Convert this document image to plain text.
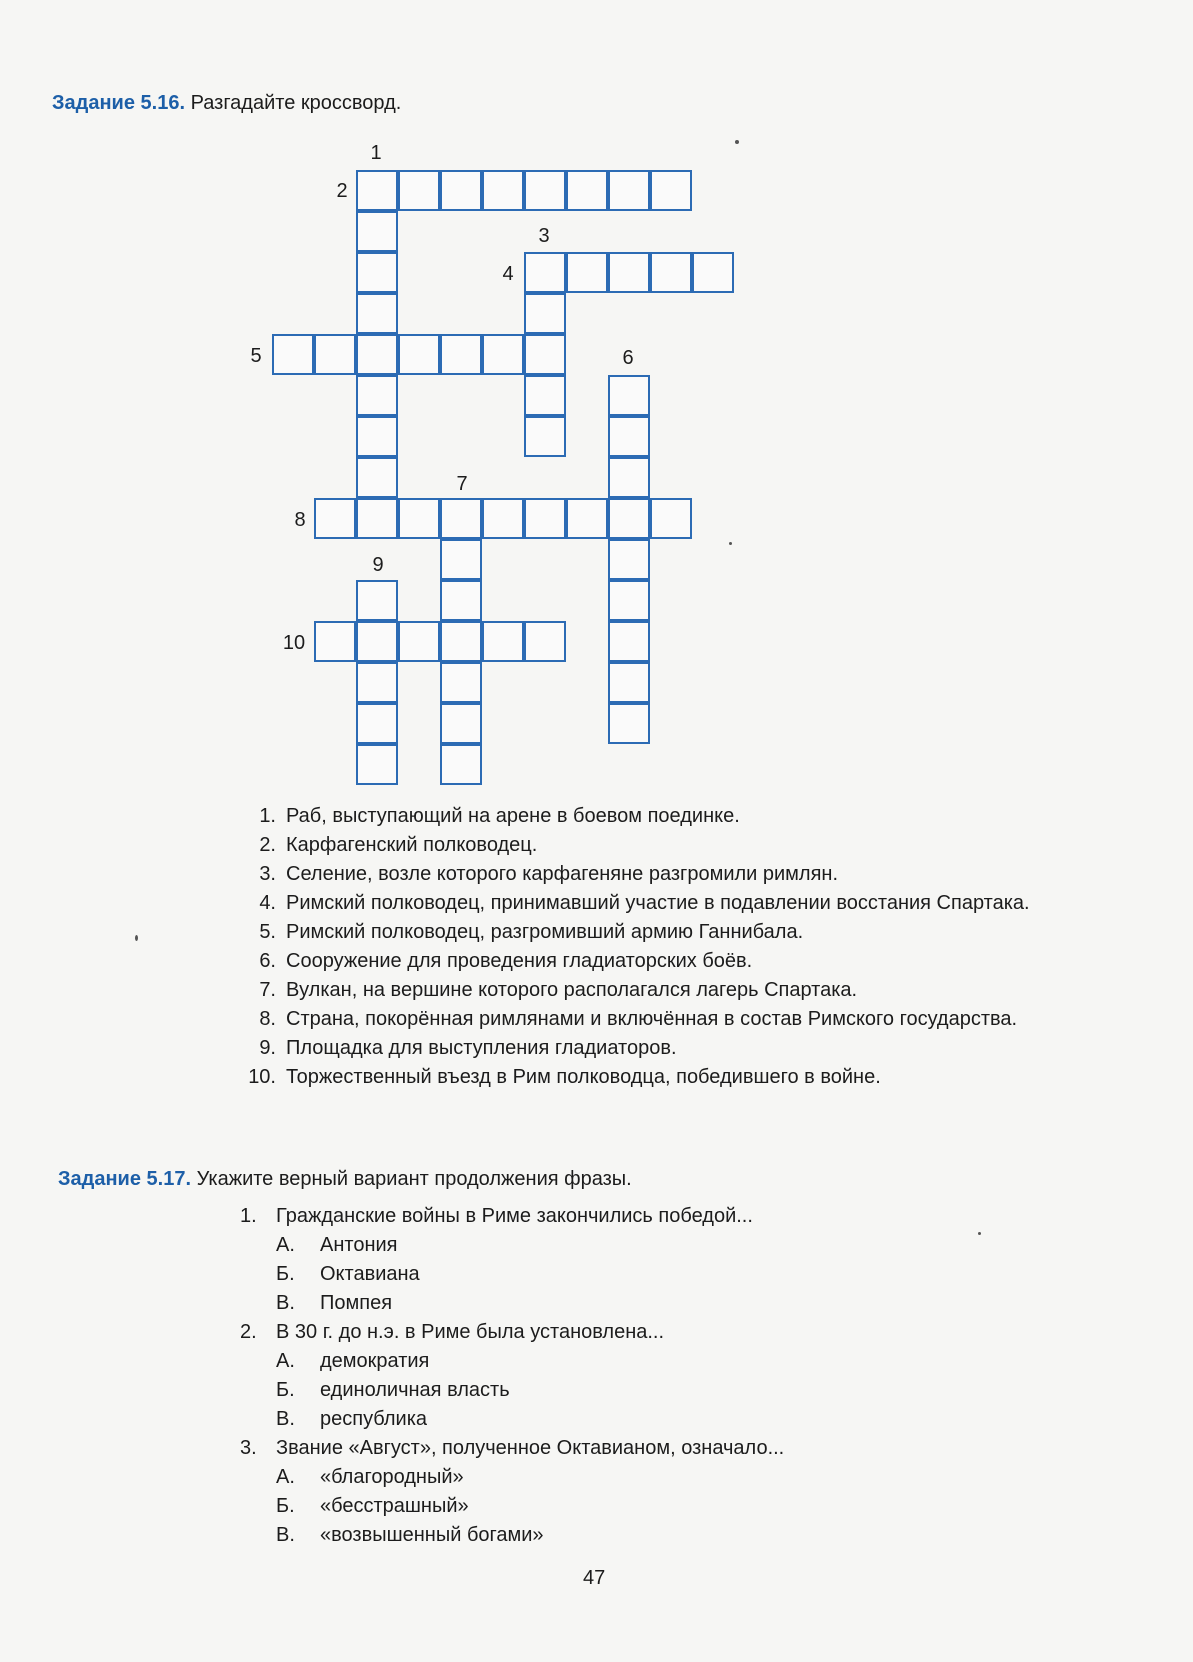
Задание 5.16. Разгадайте кроссворд.
1
2
3
4
5	6
7
8
9
10
1. Раб, выступающий на арене в боевом поединке.
2. Карфагенский полководец.
3. Селение, возле которого карфагеняне разгромили римлян.
4. Римский полководец, принимавший участие в подавлении восстания Спартака.
5. Римский полководец, разгромивший армию Ганнибала.
6. Сооружение для проведения гладиаторских боёв.
7. Вулкан, на вершине которого располагался лагерь Спартака.
8. Страна, покорённая римлянами и включённая в состав Римского государства.
9. Площадка для выступления гладиаторов.
10. Торжественный въезд в Рим полководца, победившего в войне.
Задание 5.17. Укажите верный вариант продолжения фразы.
1. Гражданские войны в Риме закончились победой...
А.	Антония
Б.	Октавиана
В.	Помпея
2. В 30 г. до н.э. в Риме была установлена...
А.	демократия
Б.	единоличная власть
В.	республика
3. Звание «Август», полученное Октавианом, означало...
А.	«благородный»
Б.	«бесстрашный»
В.	«возвышенный богами»
47
